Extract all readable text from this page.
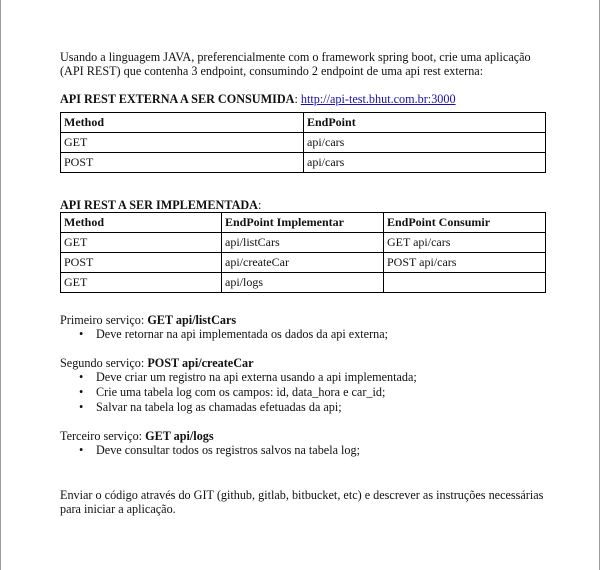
Usando a linguagem JAVA, preferencialmente com o framework spring boot, crie uma aplicação (API REST) que contenha 3 endpoint, consumindo 2 endpoint de uma api rest externa:

API REST EXTERNA A SER CONSUMIDA: http://api-test.bhut.com.br:3000

Method	EndPoint
GET	api/cars
POST	api/cars

API REST A SER IMPLEMENTADA:

Method	EndPoint Implementar	EndPoint Consumir
GET	api/listCars	GET api/cars
POST	api/createCar	POST api/cars
GET	api/logs	

Primeiro serviço: GET api/listCars

• Deve retornar na api implementada os dados da api externa;

Segundo serviço: POST api/createCar

• Deve criar um registro na api externa usando a api implementada;
• Crie uma tabela log com os campos: id, data_hora e car_id;
• Salvar na tabela log as chamadas efetuadas da api;

Terceiro serviço: GET api/logs

• Deve consultar todos os registros salvos na tabela log;

Enviar o código através do GIT (github, gitlab, bitbucket, etc) e descrever as instruções necessárias para iniciar a aplicação.
